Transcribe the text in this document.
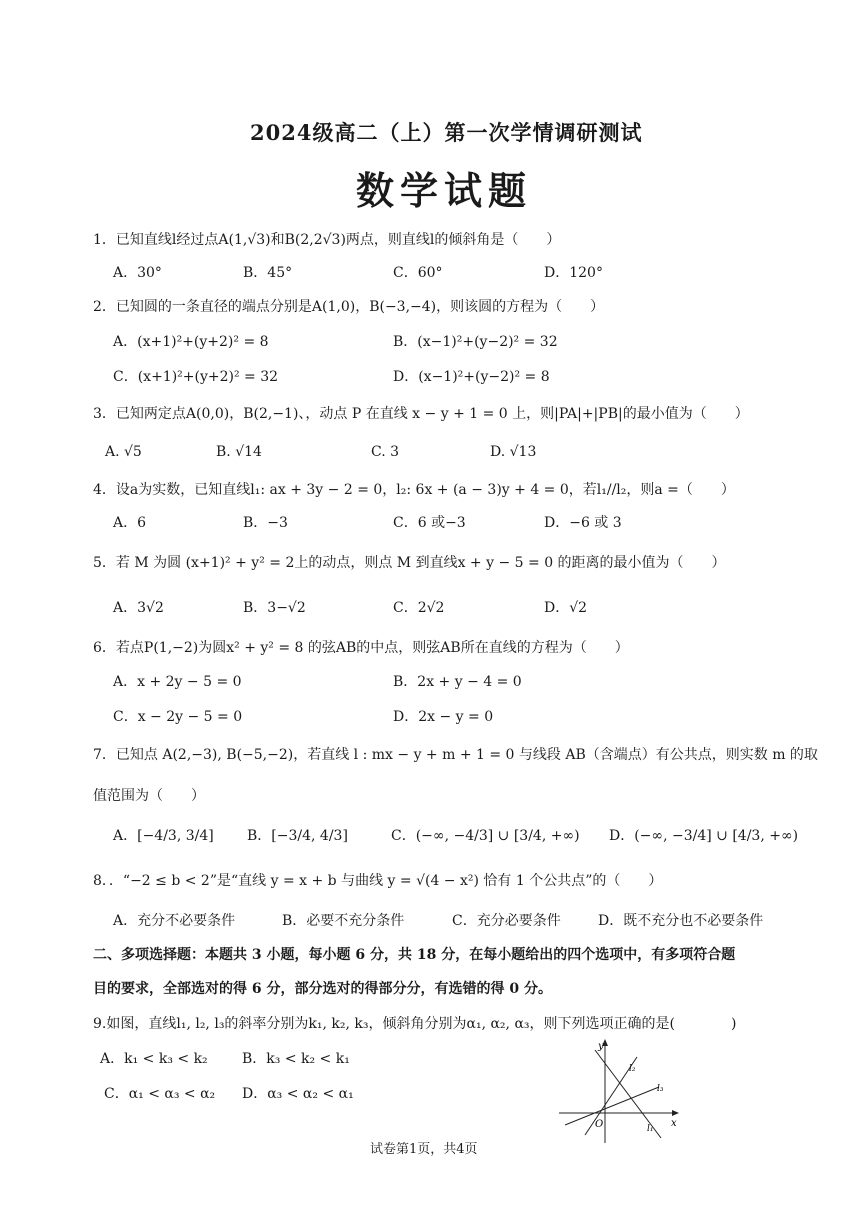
2024级高二（上）第一次学情调研测试
数学试题
1．已知直线l经过点A(1,√3)和B(2,2√3)两点，则直线l的倾斜角是（　　）
A．30°	B．45°	C．60°	D．120°
2．已知圆的一条直径的端点分别是A(1,0)，B(−3,−4)，则该圆的方程为（　　）
A．(x+1)²+(y+2)² = 8	B．(x−1)²+(y−2)² = 32
C．(x+1)²+(y+2)² = 32	D．(x−1)²+(y−2)² = 8
3．已知两定点A(0,0)，B(2,−1)、，动点 P 在直线 x − y + 1 = 0 上，则|PA|+|PB|的最小值为（　　）
A. √5	B. √14	C. 3	D. √13
4．设a为实数，已知直线l₁: ax + 3y − 2 = 0，l₂: 6x + (a − 3)y + 4 = 0，若l₁//l₂，则a =（　　）
A．6	B．−3	C．6 或−3	D．−6 或 3
5．若 M 为圆 (x+1)² + y² = 2上的动点，则点 M 到直线x + y − 5 = 0 的距离的最小值为（　　）
A．3√2	B．3−√2	C．2√2	D．√2
6．若点P(1,−2)为圆x² + y² = 8 的弦AB的中点，则弦AB所在直线的方程为（　　）
A．x + 2y − 5 = 0	B．2x + y − 4 = 0
C．x − 2y − 5 = 0	D．2x − y = 0
7．已知点 A(2,−3), B(−5,−2)，若直线 l : mx − y + m + 1 = 0 与线段 AB（含端点）有公共点，则实数 m 的取
值范围为（　　）
A．[−4/3, 3/4] B．[−3/4, 4/3]	C．(−∞, −4/3] ∪ [3/4, +∞) D．(−∞, −3/4] ∪ [4/3, +∞)
8．．“−2 ≤ b < 2”是“直线 y = x + b 与曲线 y = √(4 − x²) 恰有 1 个公共点”的（　　）
A．充分不必要条件	B．必要不充分条件	C．充分必要条件	D．既不充分也不必要条件
二、多项选择题：本题共 3 小题，每小题 6 分，共 18 分，在每小题给出的四个选项中，有多项符合题
目的要求，全部选对的得 6 分，部分选对的得部分分，有选错的得 0 分。
9.如图，直线l₁, l₂, l₃的斜率分别为k₁, k₂, k₃，倾斜角分别为α₁, α₂, α₃，则下列选项正确的是(　　　　)
A．k₁ < k₃ < k₂ B．k₃ < k₂ < k₁
C．α₁ < α₃ < α₂ D．α₃ < α₂ < α₁
y
x
O
l₂
l₃
l₁
试卷第1页，共4页
